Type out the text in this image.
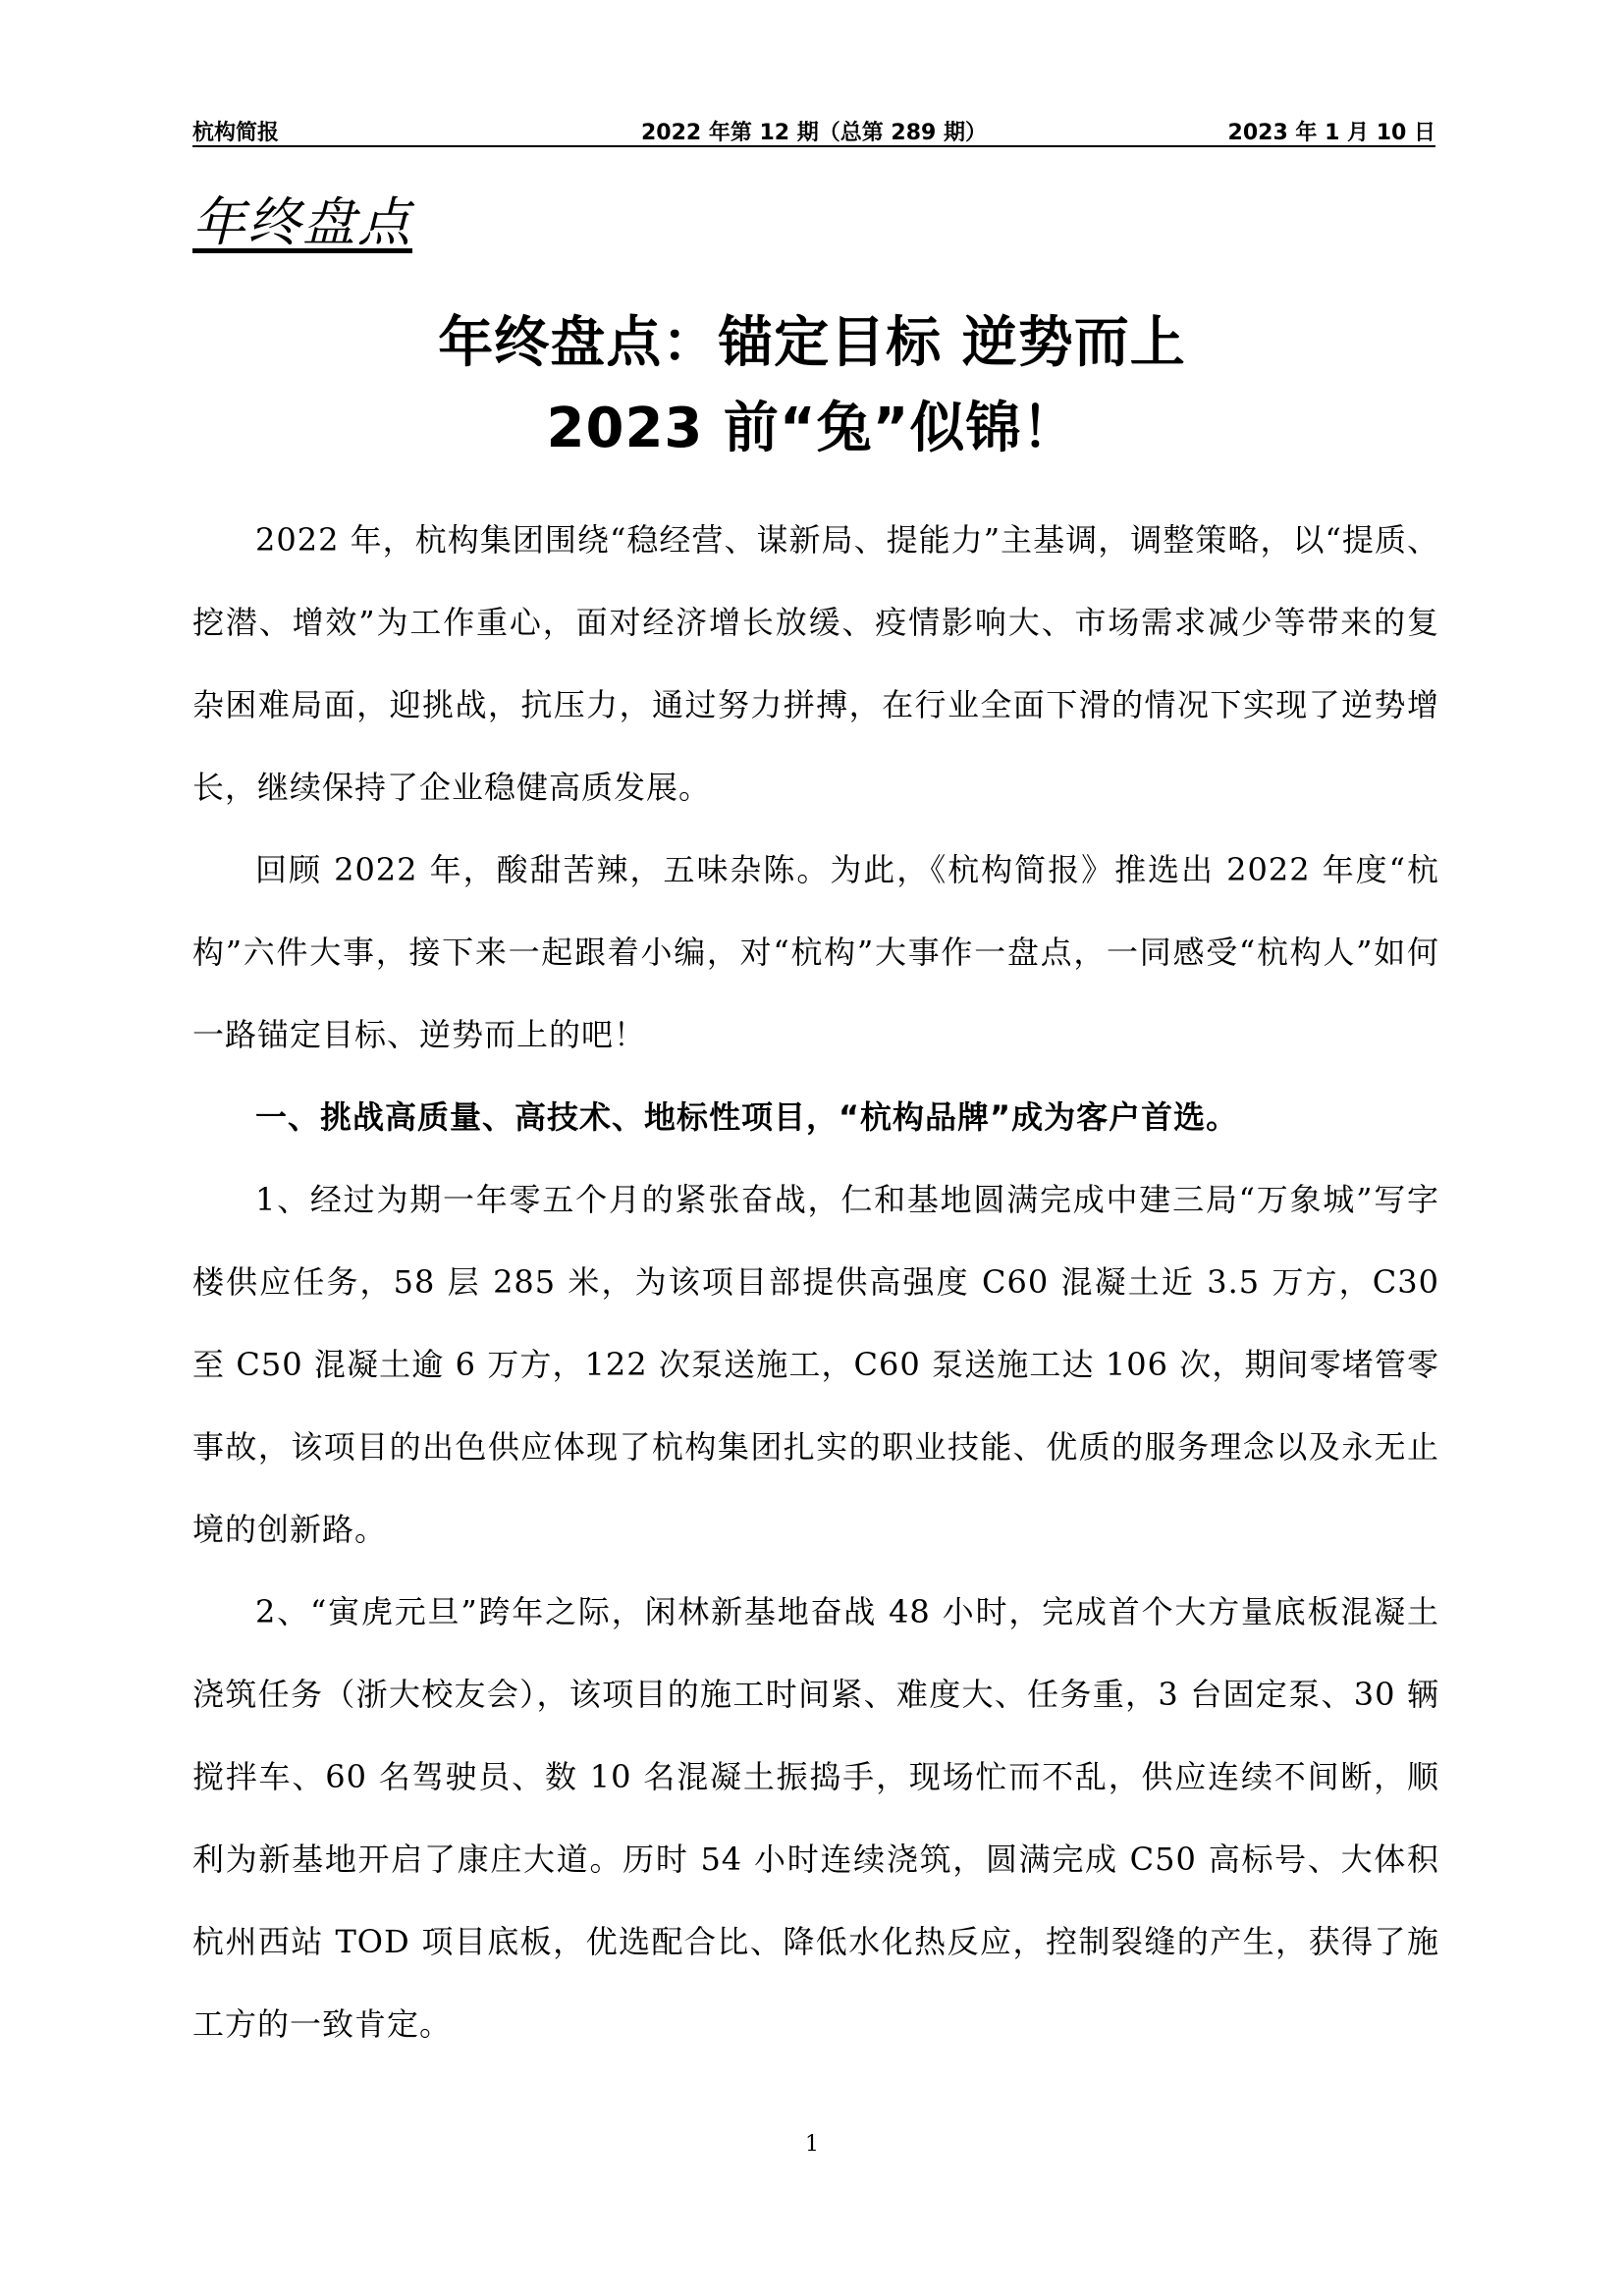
杭构简报	2022 年第 12 期（总第 289 期）	2023 年 1 月 10 日
年终盘点
年终盘点：锚定目标 逆势而上
2023 前“兔”似锦！

2022 年，杭构集团围绕“稳经营、谋新局、提能力”主基调，调整策略，以“提质、挖潜、增效”为工作重心，面对经济增长放缓、疫情影响大、市场需求减少等带来的复杂困难局面，迎挑战，抗压力，通过努力拼搏，在行业全面下滑的情况下实现了逆势增长，继续保持了企业稳健高质发展。

回顾 2022 年，酸甜苦辣，五味杂陈。为此，《杭构简报》推选出 2022 年度“杭构”六件大事，接下来一起跟着小编，对“杭构”大事作一盘点，一同感受“杭构人”如何一路锚定目标、逆势而上的吧！

一、挑战高质量、高技术、地标性项目，“杭构品牌”成为客户首选。

1、经过为期一年零五个月的紧张奋战，仁和基地圆满完成中建三局“万象城”写字楼供应任务，58 层 285 米，为该项目部提供高强度 C60 混凝土近 3.5 万方，C30 至 C50 混凝土逾 6 万方，122 次泵送施工，C60 泵送施工达 106 次，期间零堵管零事故，该项目的出色供应体现了杭构集团扎实的职业技能、优质的服务理念以及永无止境的创新路。

2、“寅虎元旦”跨年之际，闲林新基地奋战 48 小时，完成首个大方量底板混凝土浇筑任务（浙大校友会），该项目的施工时间紧、难度大、任务重，3 台固定泵、30 辆搅拌车、60 名驾驶员、数 10 名混凝土振捣手，现场忙而不乱，供应连续不间断，顺利为新基地开启了康庄大道。历时 54 小时连续浇筑，圆满完成 C50 高标号、大体积杭州西站 TOD 项目底板，优选配合比、降低水化热反应，控制裂缝的产生，获得了施工方的一致肯定。

1
